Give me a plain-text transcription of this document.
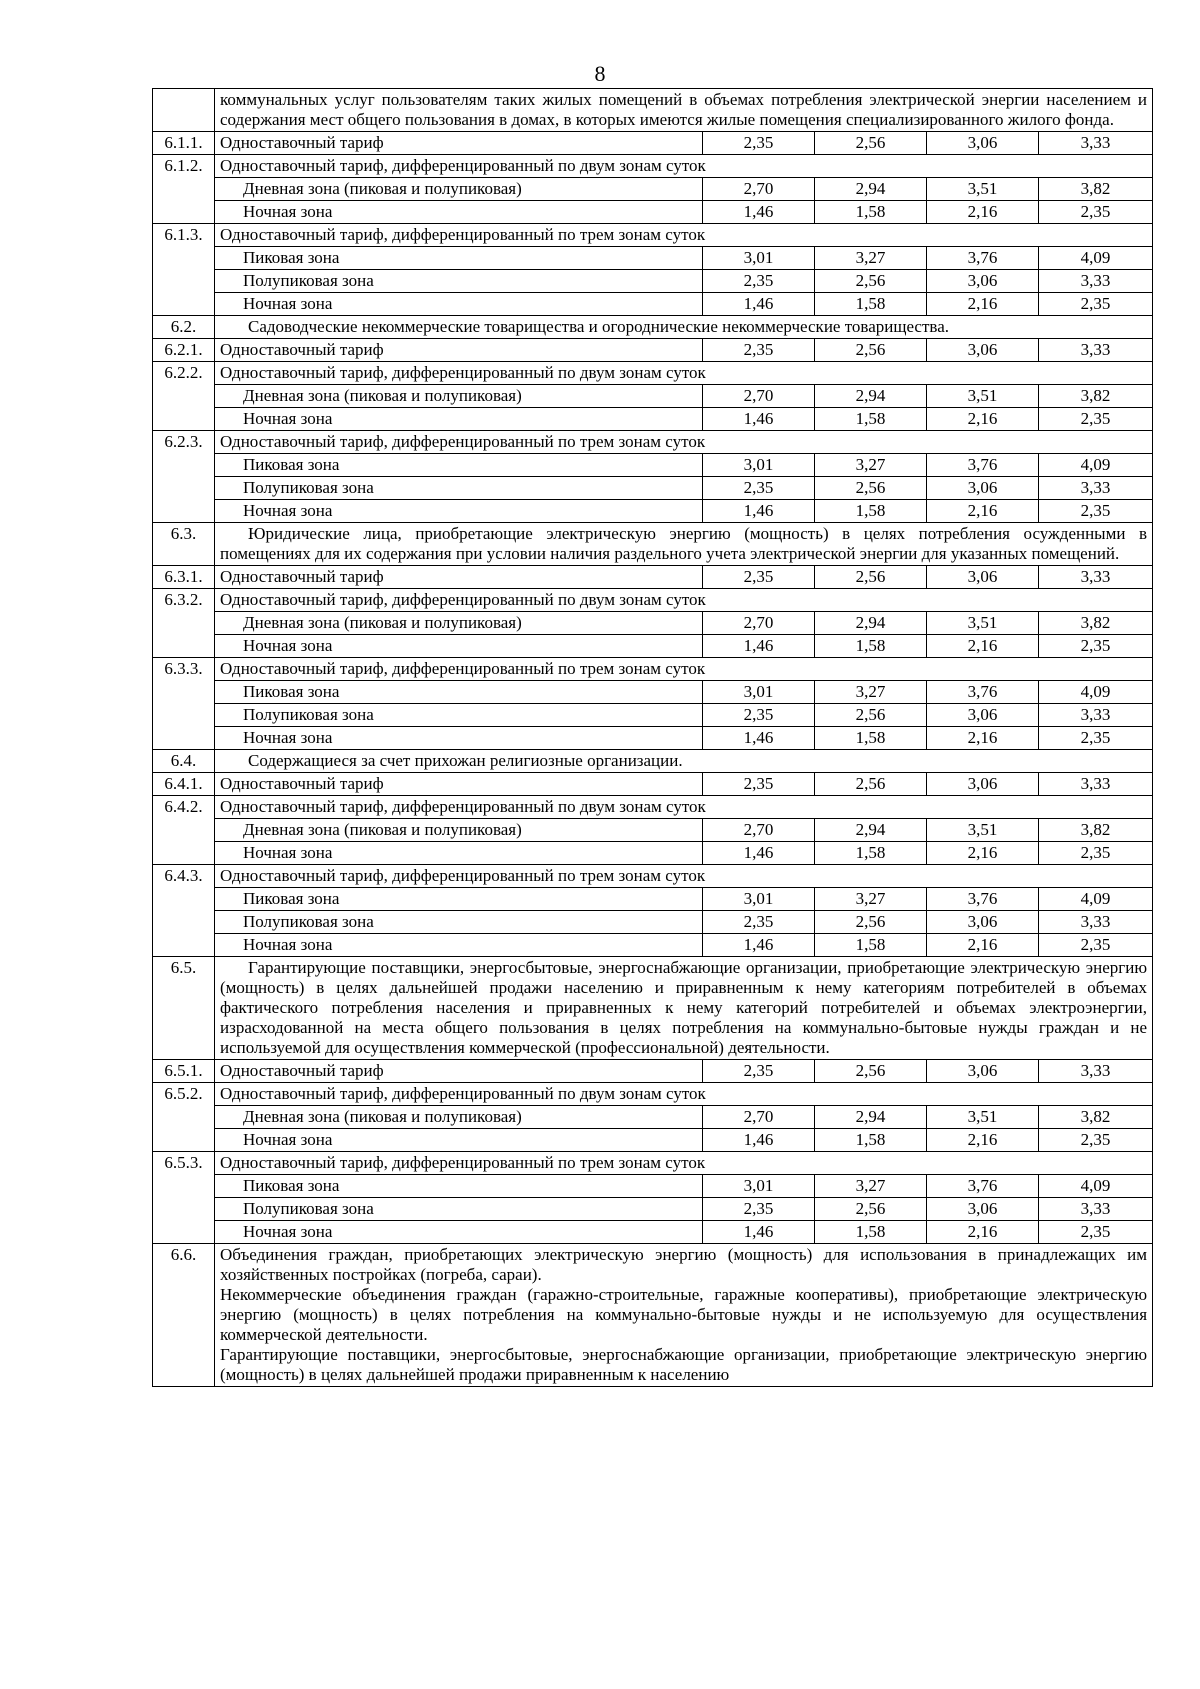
8
	коммунальных услуг пользователям таких жилых помещений в объемах потребления электрической энергии населением и содержания мест общего пользования в домах, в которых имеются жилые помещения специализированного жилого фонда.				
6.1.1.	Одноставочный тариф	2,35	2,56	3,06	3,33
6.1.2.	Одноставочный тариф, дифференцированный по двум зонам суток				
	Дневная зона (пиковая и полупиковая)	2,70	2,94	3,51	3,82
	Ночная зона	1,46	1,58	2,16	2,35
6.1.3.	Одноставочный тариф, дифференцированный по трем зонам суток				
	Пиковая зона	3,01	3,27	3,76	4,09
	Полупиковая зона	2,35	2,56	3,06	3,33
	Ночная зона	1,46	1,58	2,16	2,35
6.2.	Садоводческие некоммерческие товарищества и огороднические некоммерческие товарищества.				
6.2.1.	Одноставочный тариф	2,35	2,56	3,06	3,33
6.2.2.	Одноставочный тариф, дифференцированный по двум зонам суток				
	Дневная зона (пиковая и полупиковая)	2,70	2,94	3,51	3,82
	Ночная зона	1,46	1,58	2,16	2,35
6.2.3.	Одноставочный тариф, дифференцированный по трем зонам суток				
	Пиковая зона	3,01	3,27	3,76	4,09
	Полупиковая зона	2,35	2,56	3,06	3,33
	Ночная зона	1,46	1,58	2,16	2,35
6.3.	Юридические лица, приобретающие электрическую энергию (мощность) в целях потребления осужденными в помещениях для их содержания при условии наличия раздельного учета электрической энергии для указанных помещений.				
6.3.1.	Одноставочный тариф	2,35	2,56	3,06	3,33
6.3.2.	Одноставочный тариф, дифференцированный по двум зонам суток				
	Дневная зона (пиковая и полупиковая)	2,70	2,94	3,51	3,82
	Ночная зона	1,46	1,58	2,16	2,35
6.3.3.	Одноставочный тариф, дифференцированный по трем зонам суток				
	Пиковая зона	3,01	3,27	3,76	4,09
	Полупиковая зона	2,35	2,56	3,06	3,33
	Ночная зона	1,46	1,58	2,16	2,35
6.4.	Содержащиеся за счет прихожан религиозные организации.				
6.4.1.	Одноставочный тариф	2,35	2,56	3,06	3,33
6.4.2.	Одноставочный тариф, дифференцированный по двум зонам суток				
	Дневная зона (пиковая и полупиковая)	2,70	2,94	3,51	3,82
	Ночная зона	1,46	1,58	2,16	2,35
6.4.3.	Одноставочный тариф, дифференцированный по трем зонам суток				
	Пиковая зона	3,01	3,27	3,76	4,09
	Полупиковая зона	2,35	2,56	3,06	3,33
	Ночная зона	1,46	1,58	2,16	2,35
6.5.	Гарантирующие поставщики, энергосбытовые, энергоснабжающие организации, приобретающие электрическую энергию (мощность) в целях дальнейшей продажи населению и приравненным к нему категориям потребителей в объемах фактического потребления населения и приравненных к нему категорий потребителей и объемах электроэнергии, израсходованной на места общего пользования в целях потребления на коммунально-бытовые нужды граждан и не используемой для осуществления коммерческой (профессиональной) деятельности.				
6.5.1.	Одноставочный тариф	2,35	2,56	3,06	3,33
6.5.2.	Одноставочный тариф, дифференцированный по двум зонам суток				
	Дневная зона (пиковая и полупиковая)	2,70	2,94	3,51	3,82
	Ночная зона	1,46	1,58	2,16	2,35
6.5.3.	Одноставочный тариф, дифференцированный по трем зонам суток				
	Пиковая зона	3,01	3,27	3,76	4,09
	Полупиковая зона	2,35	2,56	3,06	3,33
	Ночная зона	1,46	1,58	2,16	2,35
6.6.	Объединения граждан, приобретающих электрическую энергию (мощность) для использования в принадлежащих им хозяйственных постройках (погреба, сараи).
Некоммерческие объединения граждан (гаражно-строительные, гаражные кооперативы), приобретающие электрическую энергию (мощность) в целях потребления на коммунально-бытовые нужды и не используемую для осуществления коммерческой деятельности.
Гарантирующие поставщики, энергосбытовые, энергоснабжающие организации, приобретающие электрическую энергию (мощность) в целях дальнейшей продажи приравненным к населению				
